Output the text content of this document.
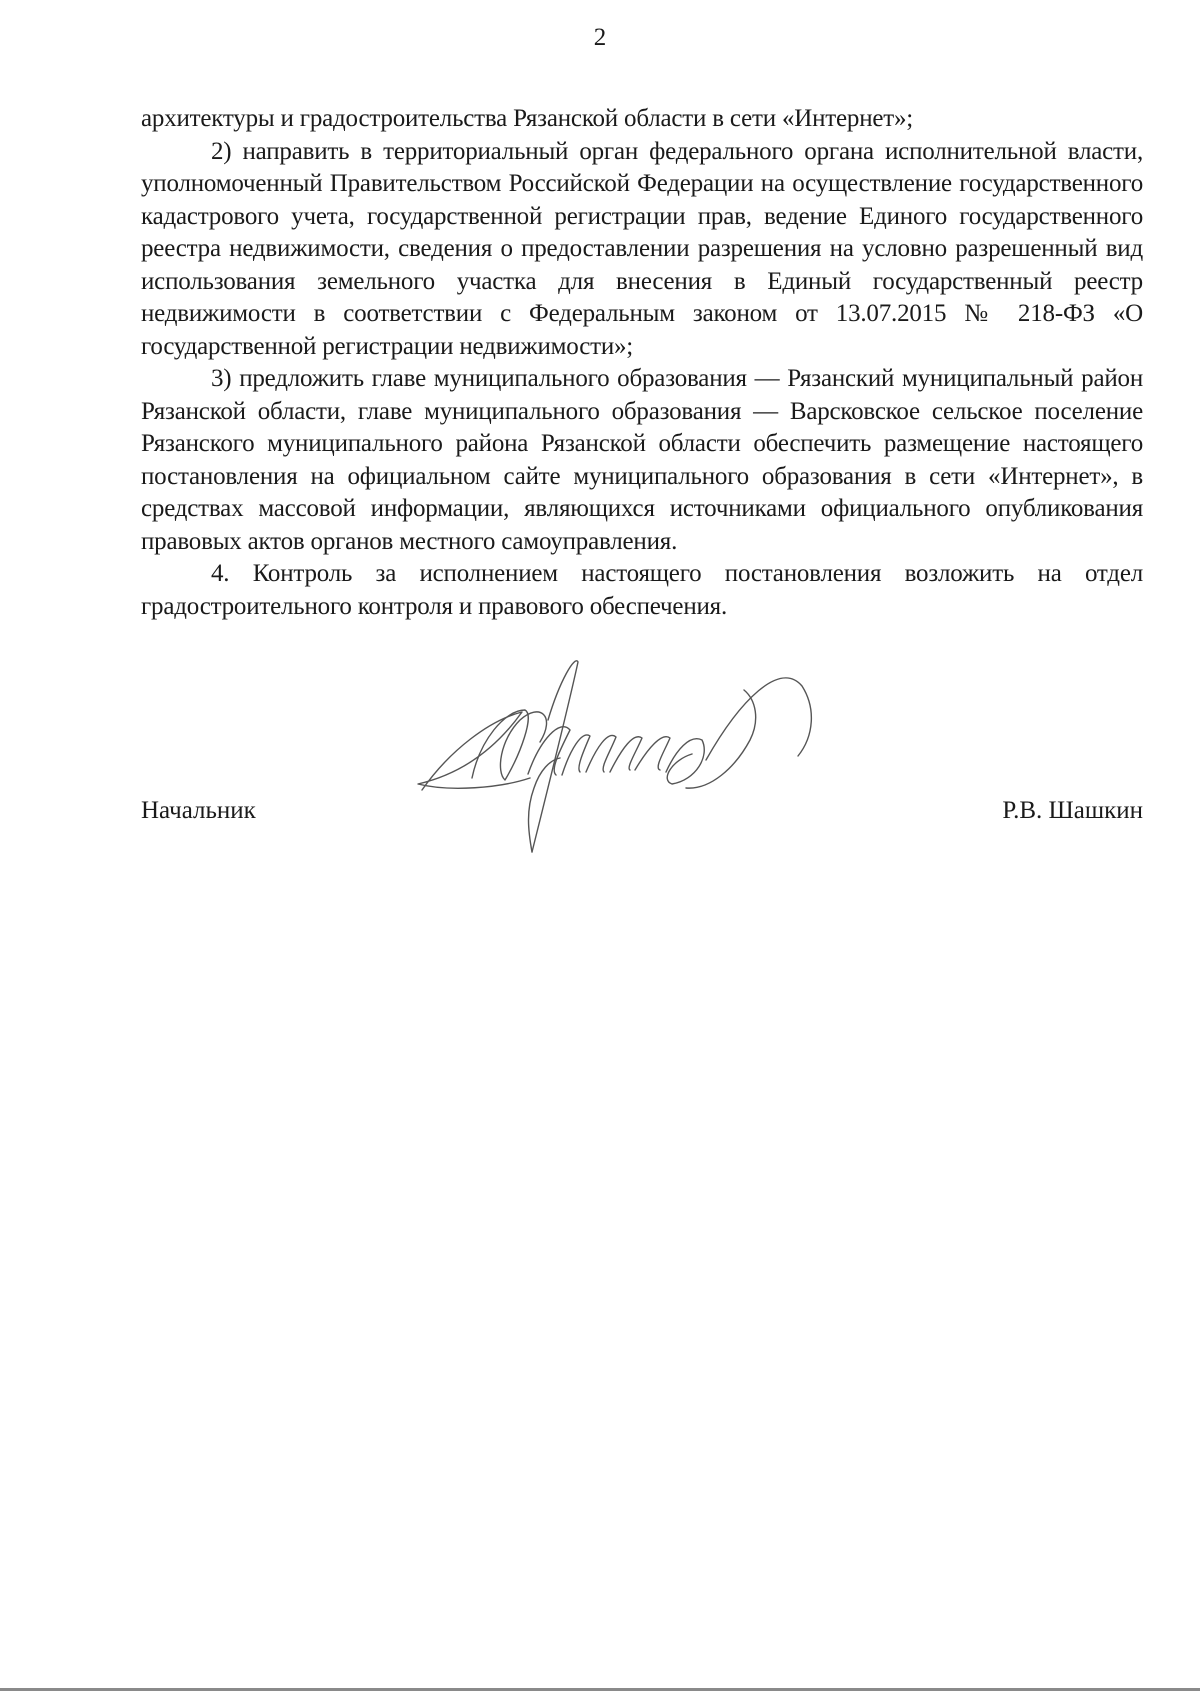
2

архитектуры и градостроительства Рязанской области в сети «Интернет»;

2) направить в территориальный орган федерального органа исполнительной власти, уполномоченный Правительством Российской Федерации на осуществление государственного кадастрового учета, государственной регистрации прав, ведение Единого государственного реестра недвижимости, сведения о предоставлении разрешения на условно разрешенный вид использования земельного участка для внесения в Единый государственный реестр недвижимости в соответствии с Федеральным законом от 13.07.2015 № 218-ФЗ «О государственной регистрации недвижимости»;

3) предложить главе муниципального образования — Рязанский муниципальный район Рязанской области, главе муниципального образования — Варсковское сельское поселение Рязанского муниципального района Рязанской области обеспечить размещение настоящего постановления на официальном сайте муниципального образования в сети «Интернет», в средствах массовой информации, являющихся источниками официального опубликования правовых актов органов местного самоуправления.

4. Контроль за исполнением настоящего постановления возложить на отдел градостроительного контроля и правового обеспечения.

Начальник	Р.В. Шашкин
